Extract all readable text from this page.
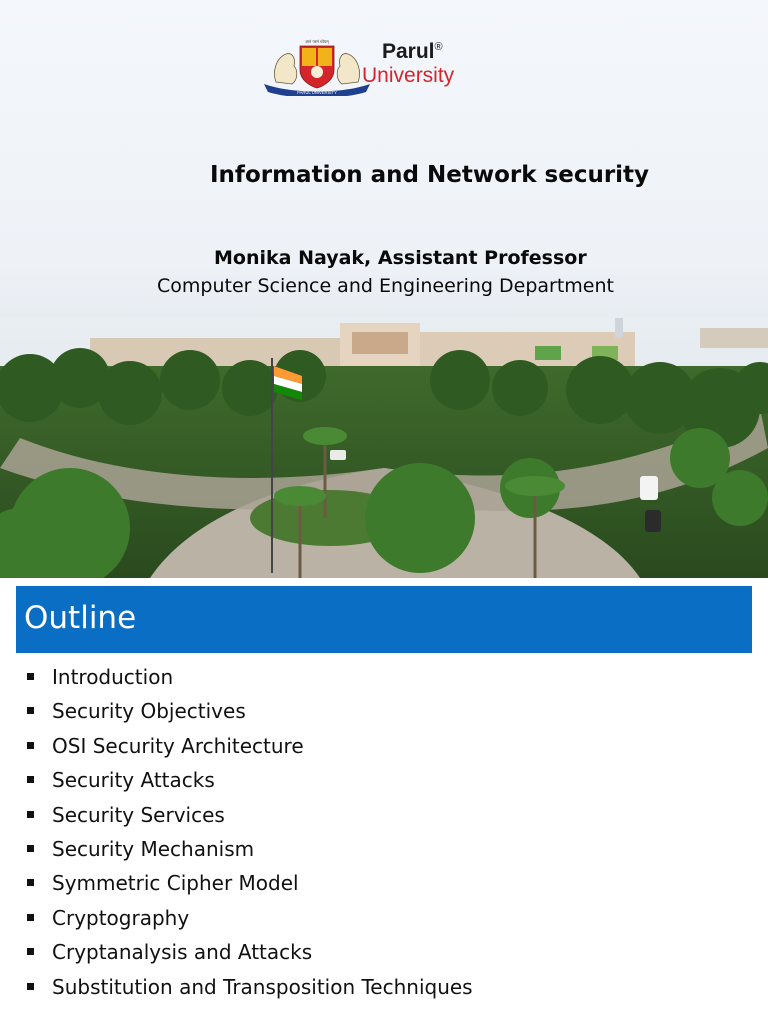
PARUL UNIVERSITY
ज्ञानं परमं ध्येयम्	Parul®
University
Information and Network security
Monika Nayak, Assistant Professor
Computer Science and Engineering Department
Outline
Introduction
Security Objectives
OSI Security Architecture
Security Attacks
Security Services
Security Mechanism
Symmetric Cipher Model
Cryptography
Cryptanalysis and Attacks
Substitution and Transposition Techniques
